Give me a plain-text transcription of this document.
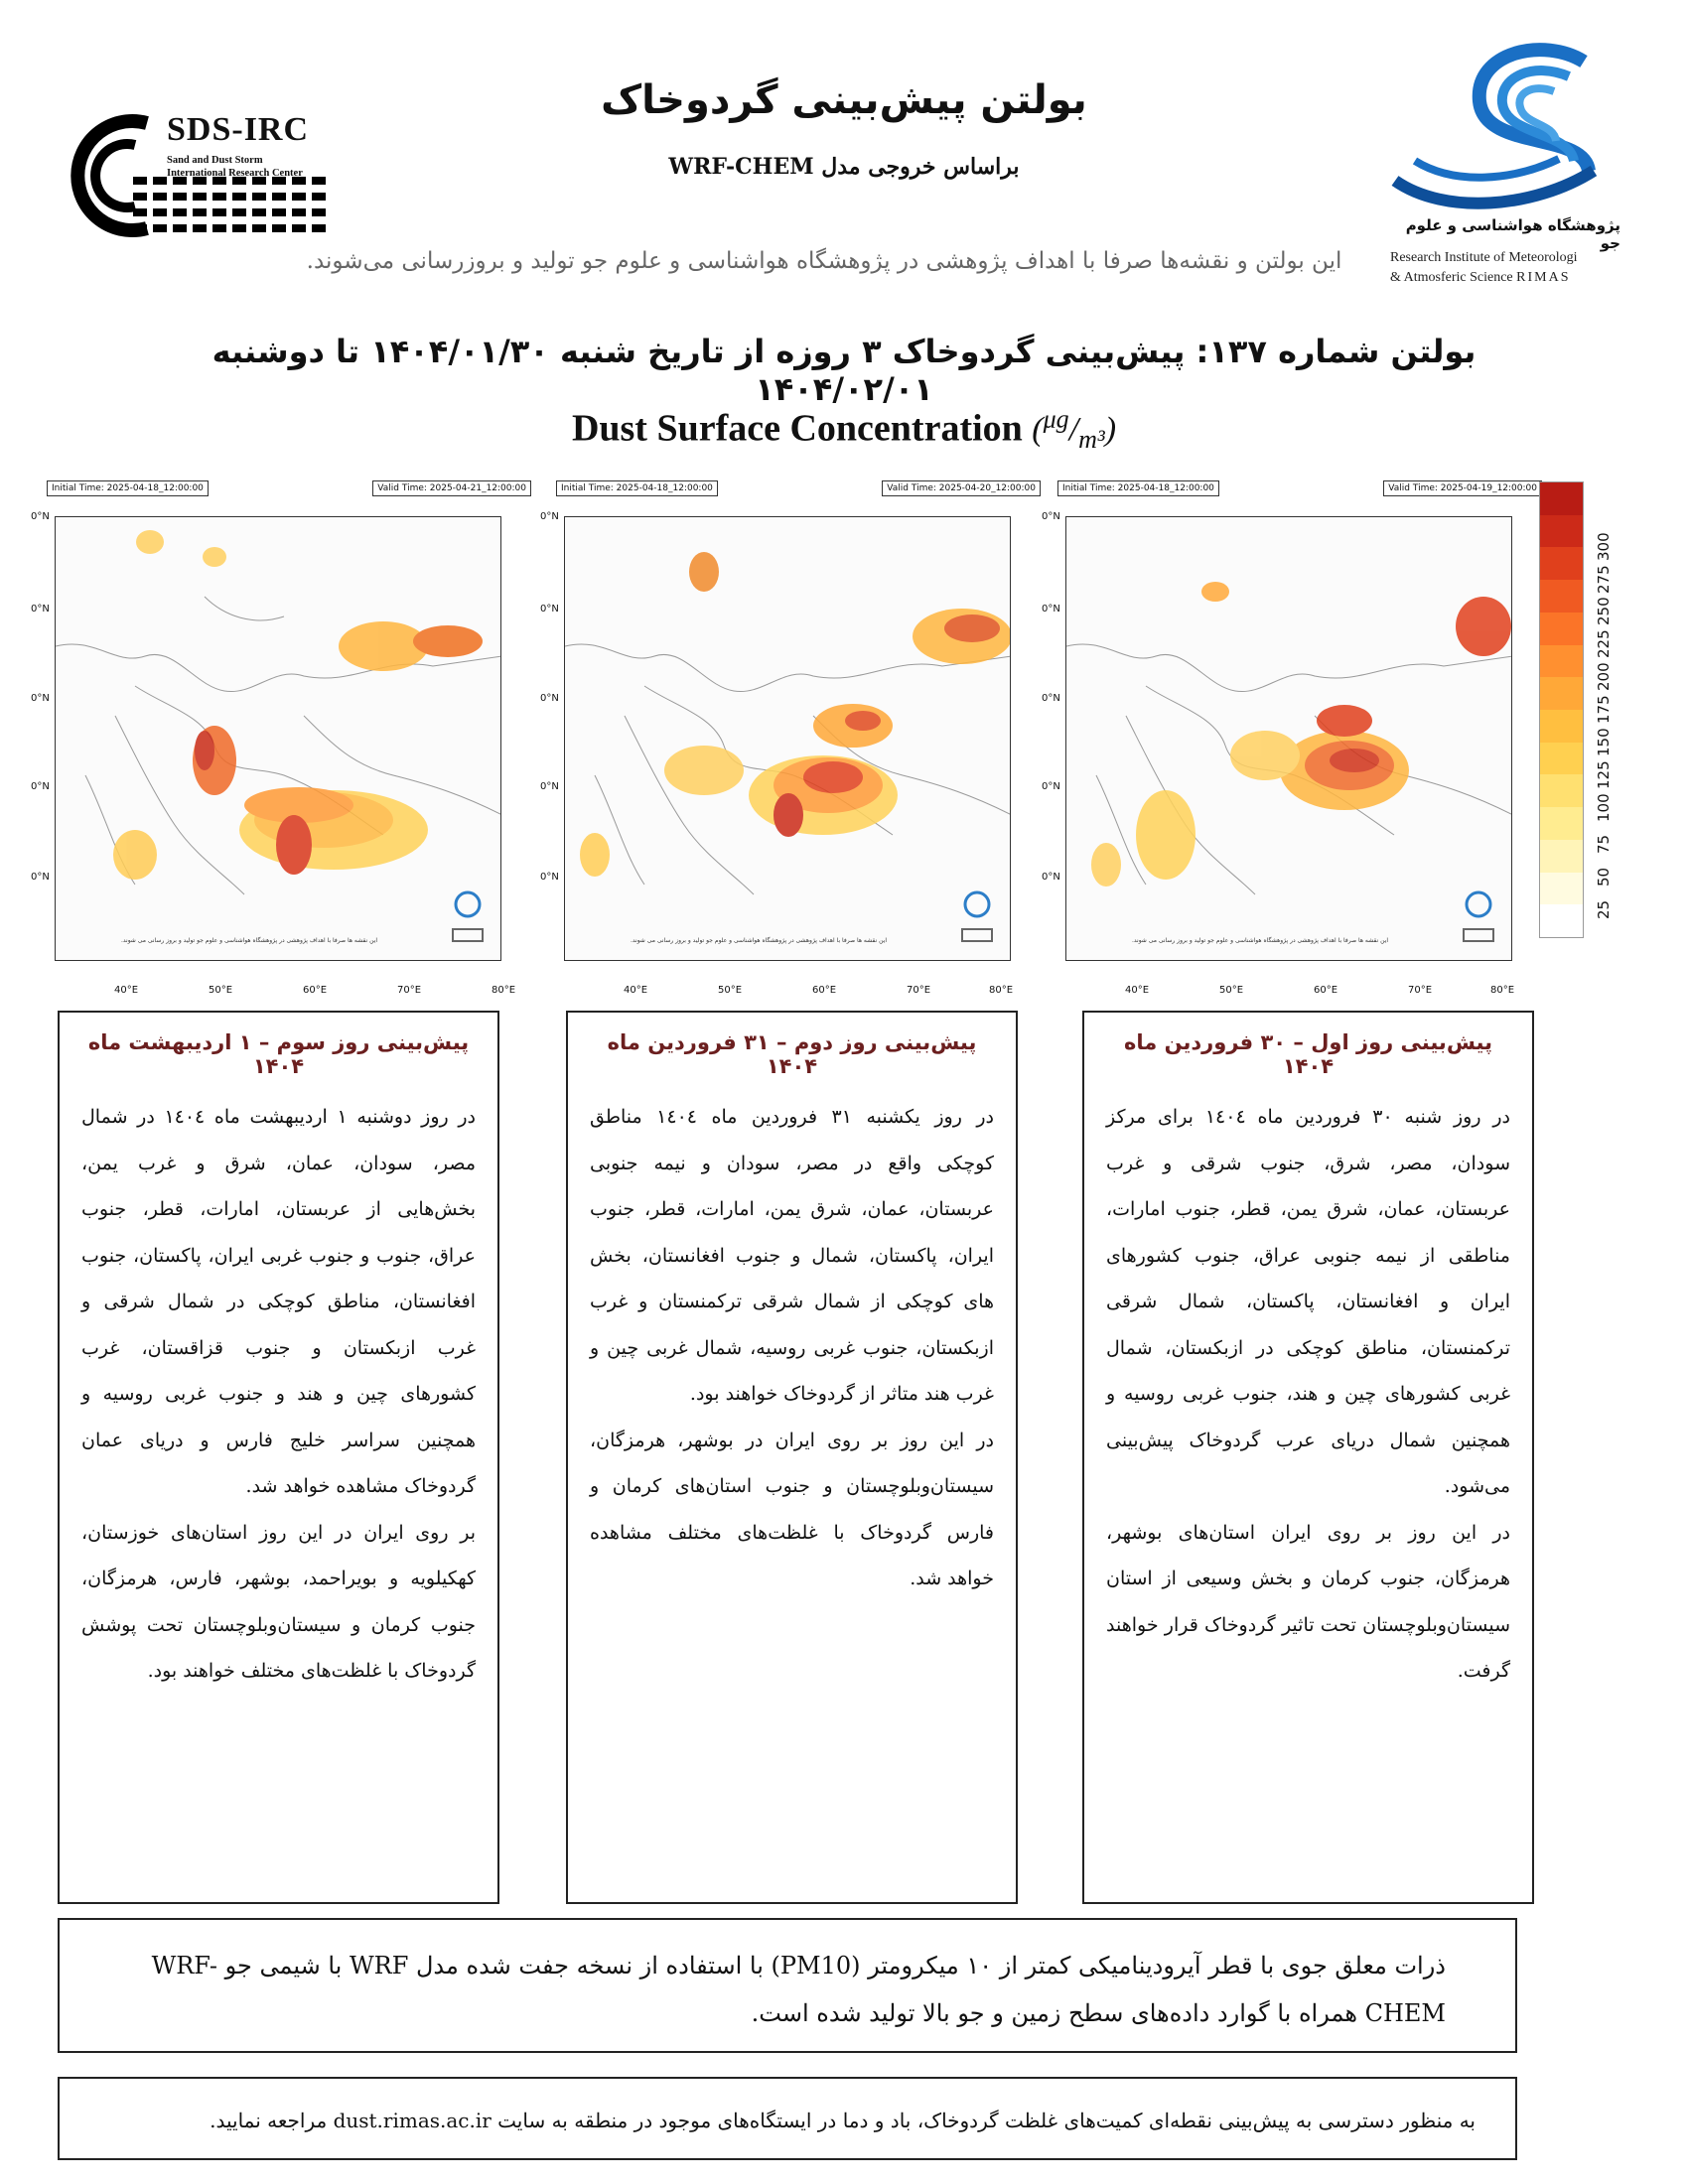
SDS-IRC
Sand and Dust Storm
International Research Center
پژوهشگاه هواشناسی و علوم جو
Research Institute of Meteorologi
& Atmosferic Science RIMAS
بولتن پیش‌بینی گردوخاک
براساس خروجی مدل WRF-CHEM
این بولتن و نقشه‌ها صرفا با اهداف پژوهشی در پژوهشگاه هواشناسی و علوم جو تولید و بروزرسانی می‌شوند.
بولتن شماره ۱۳۷: پیش‌بینی گردوخاک ۳ روزه از تاریخ شنبه ۱۴۰۴/۰۱/۳۰ تا دوشنبه ۱۴۰۴/۰۲/۰۱
Dust Surface Concentration $(^{\mu g}/_{m^3})$
Initial Time: 2025-04-18_12:00:00	Valid Time: 2025-04-21_12:00:00
این نقشه ها صرفا با اهداف پژوهشی در پژوهشگاه هواشناسی و علوم جو تولید و بروز رسانی می شوند.
0°N
0°N
0°N
0°N
0°N
40°E	50°E	60°E	70°E	80°E
Initial Time: 2025-04-18_12:00:00	Valid Time: 2025-04-20_12:00:00
این نقشه ها صرفا با اهداف پژوهشی در پژوهشگاه هواشناسی و علوم جو تولید و بروز رسانی می شوند.
0°N
0°N
0°N
0°N
0°N
40°E	50°E	60°E	70°E	80°E
Initial Time: 2025-04-18_12:00:00	Valid Time: 2025-04-19_12:00:00
این نقشه ها صرفا با اهداف پژوهشی در پژوهشگاه هواشناسی و علوم جو تولید و بروز رسانی می شوند.
0°N
0°N
0°N
0°N
0°N
40°E	50°E	60°E	70°E	80°E
25
50
75
100
125
150
175
200
225
250
275
300
پیش‌بینی روز اول – ۳۰ فروردین ماه ۱۴۰۴

در روز شنبه ۳۰ فروردین ماه ۱٤۰٤ برای مرکز سودان، مصر، شرق، جنوب شرقی و غرب عربستان، عمان، شرق یمن، قطر، جنوب امارات، مناطقی از نیمه جنوبی عراق، جنوب کشورهای ایران و افغانستان، پاکستان، شمال شرقی ترکمنستان، مناطق کوچکی در ازبکستان، شمال غربی کشورهای چین و هند، جنوب غربی روسیه و همچنین شمال دریای عرب گردوخاک پیش‌بینی می‌شود.

در این روز بر روی ایران استان‌های بوشهر، هرمزگان، جنوب کرمان و بخش وسیعی از استان سیستان‌وبلوچستان تحت تاثیر گردوخاک قرار خواهند گرفت.

پیش‌بینی روز دوم – ۳۱ فروردین ماه ۱۴۰۴

در روز یکشنبه ۳۱ فروردین ماه ۱٤۰٤ مناطق کوچکی واقع در مصر، سودان و نیمه جنوبی عربستان، عمان، شرق یمن، امارات، قطر، جنوب ایران، پاکستان، شمال و جنوب افغانستان، بخش های کوچکی از شمال شرقی ترکمنستان و غرب ازبکستان، جنوب غربی روسیه، شمال غربی چین و غرب هند متاثر از گردوخاک خواهند بود.

در این روز بر روی ایران در بوشهر، هرمزگان، سیستان‌وبلوچستان و جنوب استان‌های کرمان و فارس گردوخاک با غلظت‌های مختلف مشاهده خواهد شد.

پیش‌بینی روز سوم – ۱ اردیبهشت ماه ۱۴۰۴

در روز دوشنبه ۱ اردیبهشت ماه ۱٤۰٤ در شمال مصر، سودان، عمان، شرق و غرب یمن، بخش‌هایی از عربستان، امارات، قطر، جنوب عراق، جنوب و جنوب غربی ایران، پاکستان، جنوب افغانستان، مناطق کوچکی در شمال شرقی و غرب ازبکستان و جنوب قزاقستان، غرب کشورهای چین و هند و جنوب غربی روسیه و همچنین سراسر خلیج فارس و دریای عمان گردوخاک مشاهده خواهد شد.

بر روی ایران در این روز استان‌های خوزستان، کهکیلویه و بویراحمد، بوشهر، فارس، هرمزگان، جنوب کرمان و سیستان‌وبلوچستان تحت پوشش گردوخاک با غلظت‌های مختلف خواهند بود.

ذرات معلق جوی با قطر آیرودینامیکی کمتر از ۱۰ میکرومتر (PM10) با استفاده از نسخه جفت شده مدل WRF با شیمی جو WRF-CHEM همراه با گوارد داده‌های سطح زمین و جو بالا تولید شده است.
به منظور دسترسی به پیش‌بینی نقطه‌ای کمیت‌های غلظت گردوخاک، باد و دما در ایستگاه‌های موجود در منطقه به سایت dust.rimas.ac.ir مراجعه نمایید.
